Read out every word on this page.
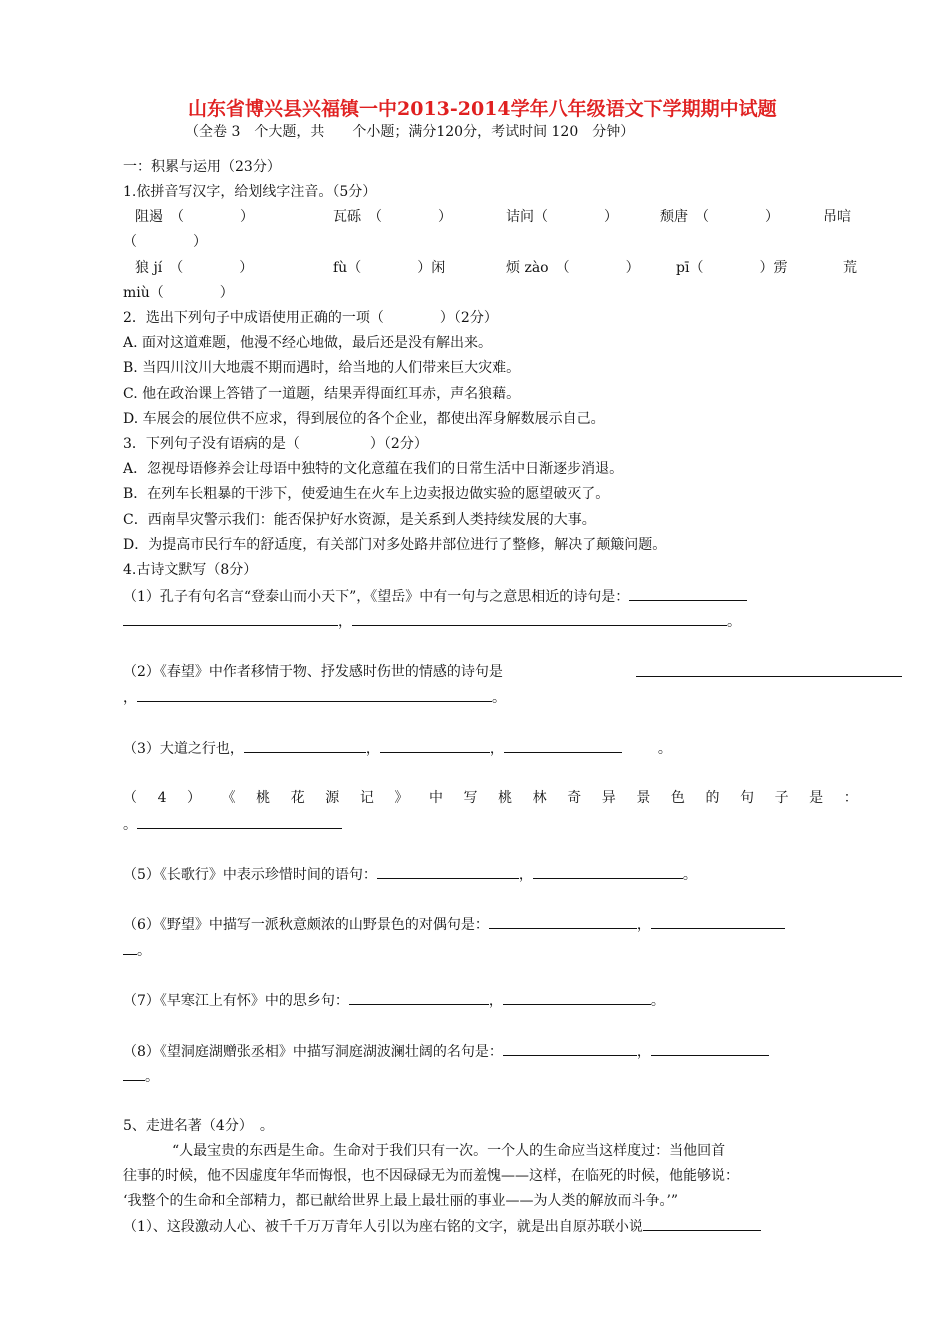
山东省博兴县兴福镇一中2013-2014学年八年级语文下学期期中试题
（全卷 3　个大题，共　　个小题；满分120分，考试时间 120　分钟）
一：积累与运用（23分）
1.依拼音写汉字，给划线字注音。（5分）
阻遏　（　　　　）	瓦砾　（　　　　）	诘问（　　　　）	颓唐　（　　　　）	吊唁
（　　　　）
狼 jí　（　　　　）	fù（　　　　）闲	烦 zào　（　　　　）	pī（　　　　）雳	荒
miù（　　　　）
2．选出下列句子中成语使用正确的一项（　　　　）（2分）
A. 面对这道难题，他漫不经心地做，最后还是没有解出来。
B. 当四川汶川大地震不期而遇时，给当地的人们带来巨大灾难。
C. 他在政治课上答错了一道题，结果弄得面红耳赤，声名狼藉。
D. 车展会的展位供不应求，得到展位的各个企业，都使出浑身解数展示自己。
3．下列句子没有语病的是（　　　　　）（2分）
A．忽视母语修养会让母语中独特的文化意蕴在我们的日常生活中日渐逐步消退。
B．在列车长粗暴的干涉下，使爱迪生在火车上边卖报边做实验的愿望破灭了。
C．西南旱灾警示我们：能否保护好水资源，是关系到人类持续发展的大事。
D．为提高市民行车的舒适度，有关部门对多处路井部位进行了整修，解决了颠簸问题。
4.古诗文默写（8分）
（1）孔子有句名言“登泰山而小天下”，《望岳》中有一句与之意思相近的诗句是：
，	。
（2）《春望》中作者移情于物、抒发感时伤世的情感的诗句是
，	。
（3）大道之行也，	，	，	。
（ 4 ） 《 桃 花 源 记 》 中 写 桃 林 奇 异 景 色 的 句 子 是 ：
。
（5）《长歌行》中表示珍惜时间的语句：	，	。
（6）《野望》中描写一派秋意颇浓的山野景色的对偶句是：	，
。
（7）《早寒江上有怀》中的思乡句：	，	。
（8）《望洞庭湖赠张丞相》中描写洞庭湖波澜壮阔的名句是：	，
。
5、走进名著（4分）　。
“人最宝贵的东西是生命。生命对于我们只有一次。一个人的生命应当这样度过：当他回首
往事的时候，他不因虚度年华而悔恨，也不因碌碌无为而羞愧——这样，在临死的时候，他能够说：
‘我整个的生命和全部精力，都已献给世界上最上最壮丽的事业——为人类的解放而斗争。’”
（1）、这段激动人心、被千千万万青年人引以为座右铭的文字，就是出自原苏联小说
